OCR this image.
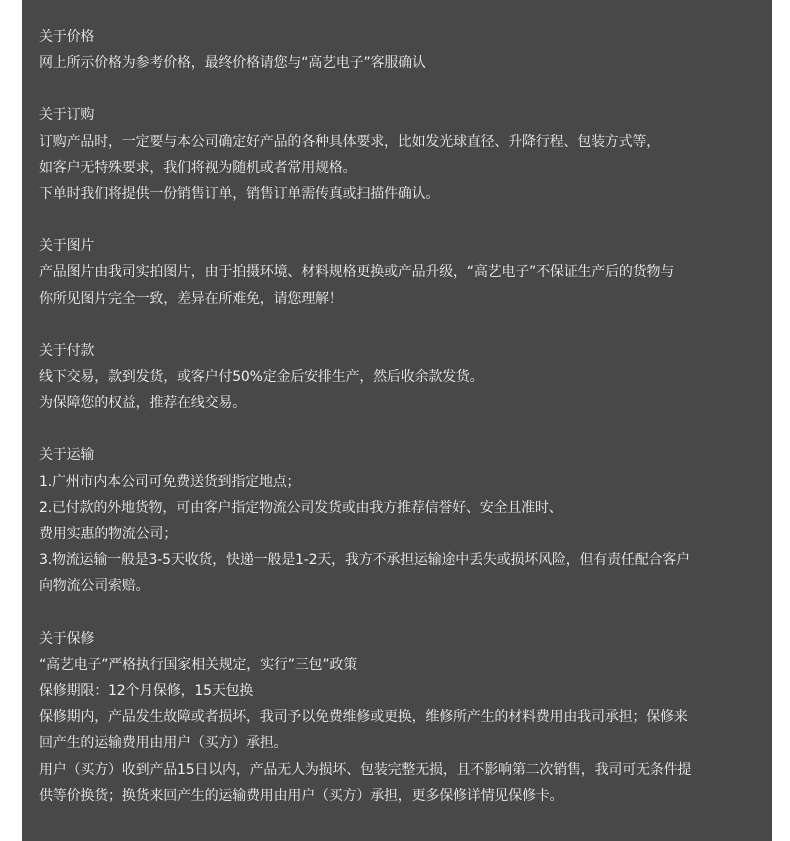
关于价格
网上所示价格为参考价格，最终价格请您与“高艺电子”客服确认
关于订购
订购产品时，一定要与本公司确定好产品的各种具体要求，比如发光球直径、升降行程、包装方式等，
如客户无特殊要求，我们将视为随机或者常用规格。
下单时我们将提供一份销售订单，销售订单需传真或扫描件确认。
关于图片
产品图片由我司实拍图片，由于拍摄环境、材料规格更换或产品升级，“高艺电子”不保证生产后的货物与
你所见图片完全一致，差异在所难免，请您理解！
关于付款
线下交易，款到发货，或客户付50%定金后安排生产，然后收余款发货。
为保障您的权益，推荐在线交易。
关于运输
1.广州市内本公司可免费送货到指定地点；
2.已付款的外地货物，可由客户指定物流公司发货或由我方推荐信誉好、安全且准时、
费用实惠的物流公司；
3.物流运输一般是3-5天收货，快递一般是1-2天，我方不承担运输途中丢失或损坏风险，但有责任配合客户
向物流公司索赔。
关于保修
“高艺电子”严格执行国家相关规定，实行”三包”政策
保修期限：12个月保修，15天包换
保修期内，产品发生故障或者损坏，我司予以免费维修或更换，维修所产生的材料费用由我司承担；保修来
回产生的运输费用由用户（买方）承担。
用户（买方）收到产品15日以内，产品无人为损坏、包装完整无损，且不影响第二次销售，我司可无条件提
供等价换货；换货来回产生的运输费用由用户（买方）承担，更多保修详情见保修卡。
